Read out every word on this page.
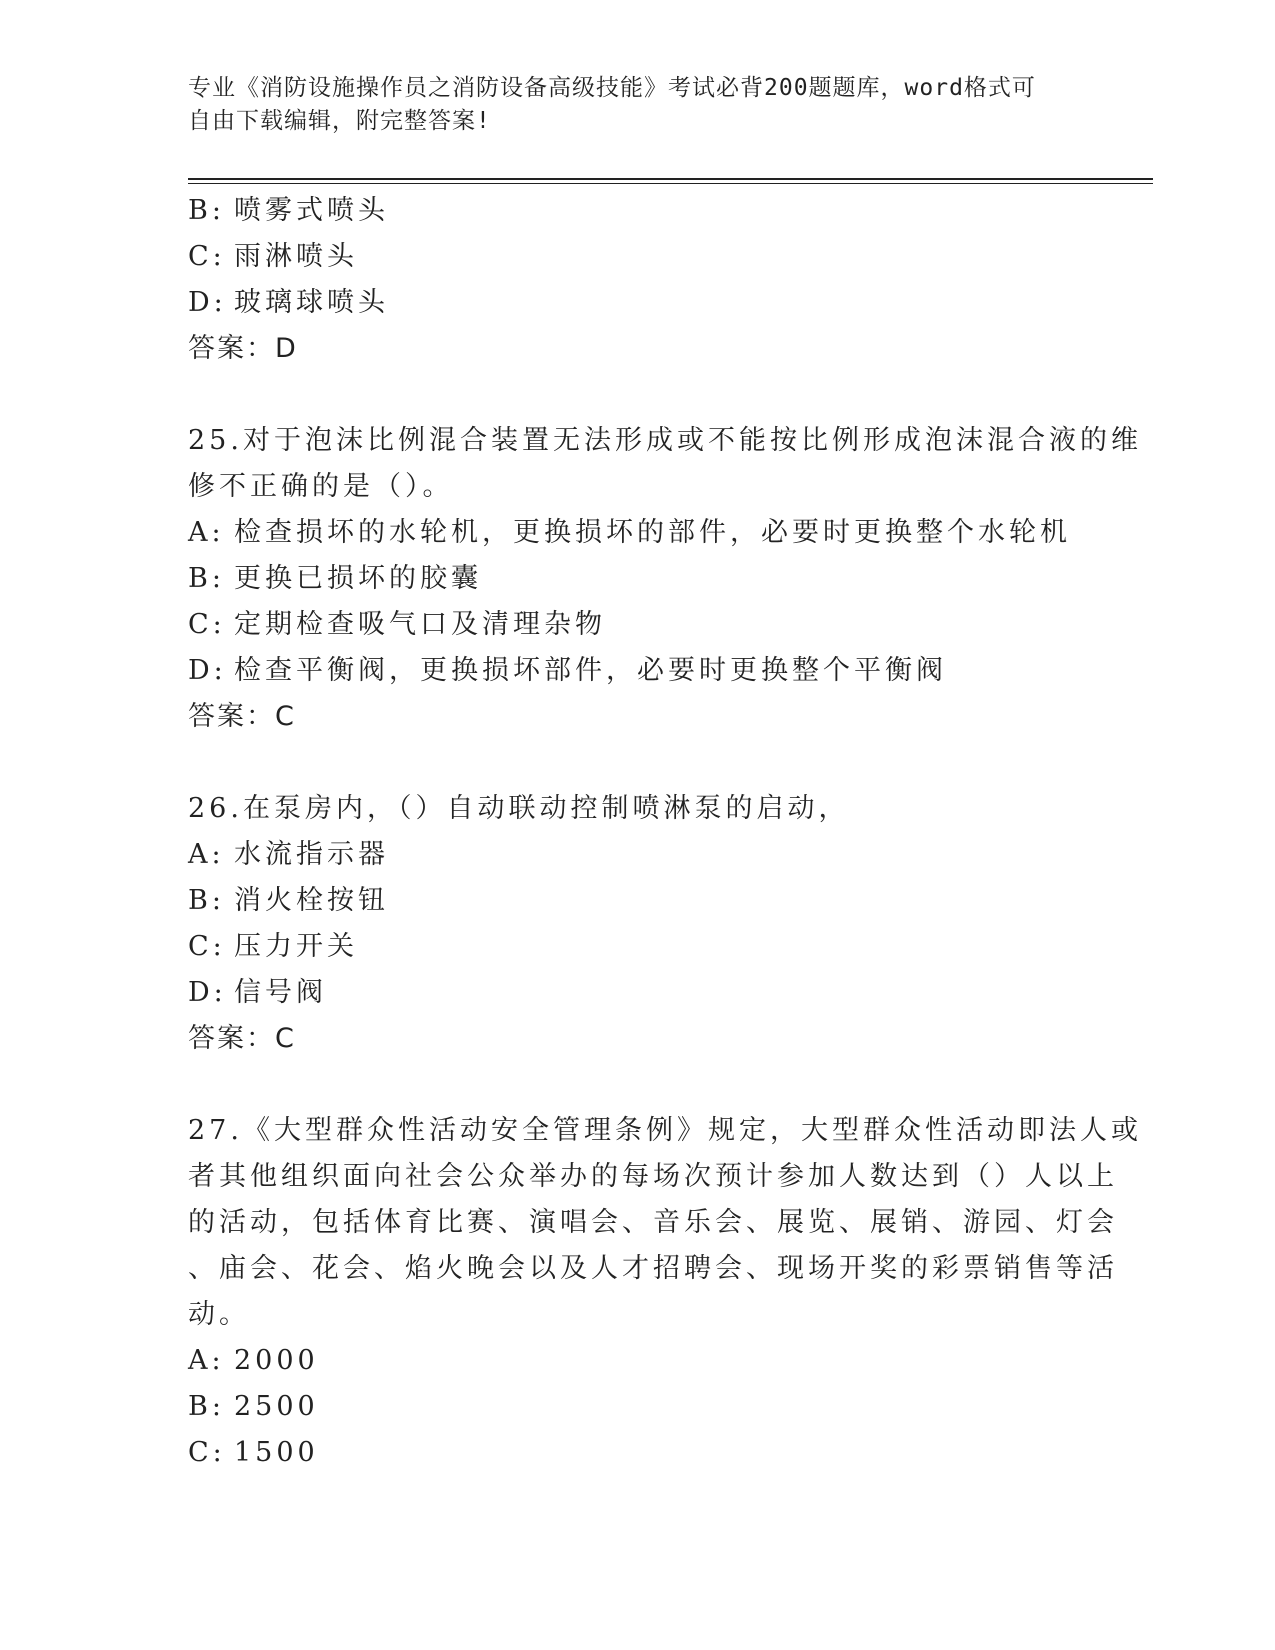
专业《消防设施操作员之消防设备高级技能》考试必背200题题库，word格式可
自由下载编辑，附完整答案!
B: 喷雾式喷头
C: 雨淋喷头
D: 玻璃球喷头
答案：D
25.对于泡沫比例混合装置无法形成或不能按比例形成泡沫混合液的维
修不正确的是（）。
A: 检查损坏的水轮机，更换损坏的部件，必要时更换整个水轮机
B: 更换已损坏的胶囊
C: 定期检查吸气口及清理杂物
D: 检查平衡阀，更换损坏部件，必要时更换整个平衡阀
答案：C
26.在泵房内，（）自动联动控制喷淋泵的启动，
A: 水流指示器
B: 消火栓按钮
C: 压力开关
D: 信号阀
答案：C
27.《大型群众性活动安全管理条例》规定，大型群众性活动即法人或
者其他组织面向社会公众举办的每场次预计参加人数达到（）人以上
的活动，包括体育比赛、演唱会、音乐会、展览、展销、游园、灯会
、庙会、花会、焰火晚会以及人才招聘会、现场开奖的彩票销售等活
动。
A: 2000
B: 2500
C: 1500
